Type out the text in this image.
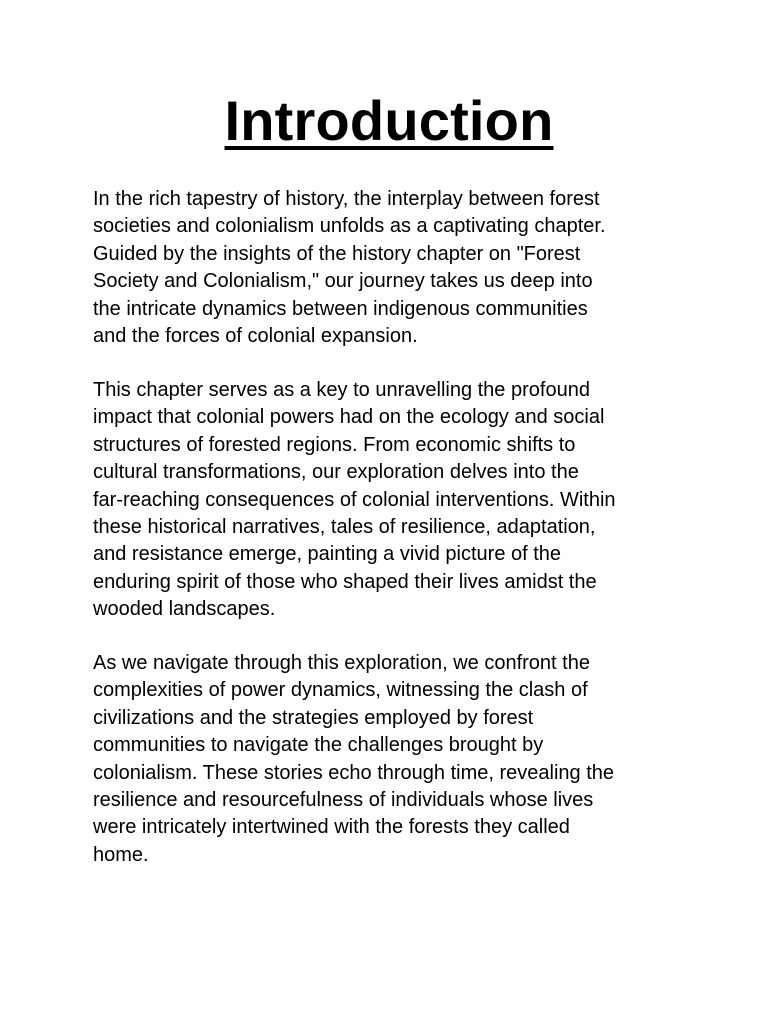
Introduction

In the rich tapestry of history, the interplay between forest
societies and colonialism unfolds as a captivating chapter.
Guided by the insights of the history chapter on "Forest
Society and Colonialism," our journey takes us deep into
the intricate dynamics between indigenous communities
and the forces of colonial expansion.

This chapter serves as a key to unravelling the profound
impact that colonial powers had on the ecology and social
structures of forested regions. From economic shifts to
cultural transformations, our exploration delves into the
far-reaching consequences of colonial interventions. Within
these historical narratives, tales of resilience, adaptation,
and resistance emerge, painting a vivid picture of the
enduring spirit of those who shaped their lives amidst the
wooded landscapes.

As we navigate through this exploration, we confront the
complexities of power dynamics, witnessing the clash of
civilizations and the strategies employed by forest
communities to navigate the challenges brought by
colonialism. These stories echo through time, revealing the
resilience and resourcefulness of individuals whose lives
were intricately intertwined with the forests they called
home.
